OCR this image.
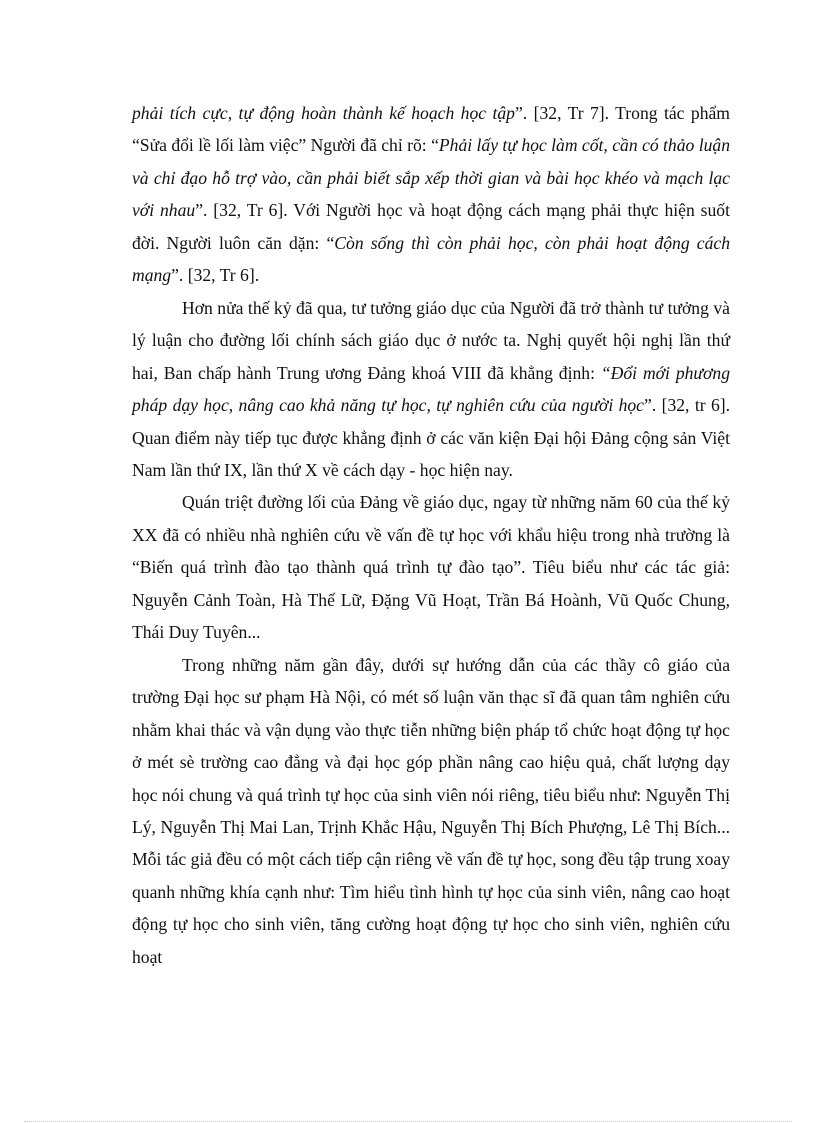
phải tích cực, tự động hoàn thành kế hoạch học tập”. [32, Tr 7]. Trong tác phẩm “Sửa đổi lề lối làm việc” Người đã chỉ rõ: “Phải lấy tự học làm cốt, cần có thảo luận và chỉ đạo hỗ trợ vào, cần phải biết sắp xếp thời gian và bài học khéo và mạch lạc với nhau”. [32, Tr 6]. Với Người học và hoạt động cách mạng phải thực hiện suốt đời. Người luôn căn dặn: “Còn sống thì còn phải học, còn phải hoạt động cách mạng”. [32, Tr 6].

Hơn nửa thế kỷ đã qua, tư tưởng giáo dục của Người đã trở thành tư tưởng và lý luận cho đường lối chính sách giáo dục ở nước ta. Nghị quyết hội nghị lần thứ hai, Ban chấp hành Trung ương Đảng khoá VIII đã khẳng định: “Đổi mới phương pháp dạy học, nâng cao khả năng tự học, tự nghiên cứu của người học”. [32, tr 6]. Quan điểm này tiếp tục được khẳng định ở các văn kiện Đại hội Đảng cộng sản Việt Nam lần thứ IX, lần thứ X về cách dạy - học hiện nay.

Quán triệt đường lối của Đảng về giáo dục, ngay từ những năm 60 của thế kỷ XX đã có nhiều nhà nghiên cứu về vấn đề tự học với khẩu hiệu trong nhà trường là “Biến quá trình đào tạo thành quá trình tự đào tạo”. Tiêu biểu như các tác giả: Nguyễn Cảnh Toàn, Hà Thế Lữ, Đặng Vũ Hoạt, Trần Bá Hoành, Vũ Quốc Chung, Thái Duy Tuyên...

Trong những năm gần đây, dưới sự hướng dẫn của các thầy cô giáo của trường Đại học sư phạm Hà Nội, có mét số luận văn thạc sĩ đã quan tâm nghiên cứu nhằm khai thác và vận dụng vào thực tiễn những biện pháp tổ chức hoạt động tự học ở mét sè trường cao đẳng và đại học góp phần nâng cao hiệu quả, chất lượng dạy học nói chung và quá trình tự học của sinh viên nói riêng, tiêu biểu như: Nguyễn Thị Lý, Nguyễn Thị Mai Lan, Trịnh Khắc Hậu, Nguyễn Thị Bích Phượng, Lê Thị Bích... Mỗi tác giả đều có một cách tiếp cận riêng về vấn đề tự học, song đều tập trung xoay quanh những khía cạnh như: Tìm hiểu tình hình tự học của sinh viên, nâng cao hoạt động tự học cho sinh viên, tăng cường hoạt động tự học cho sinh viên, nghiên cứu hoạt
